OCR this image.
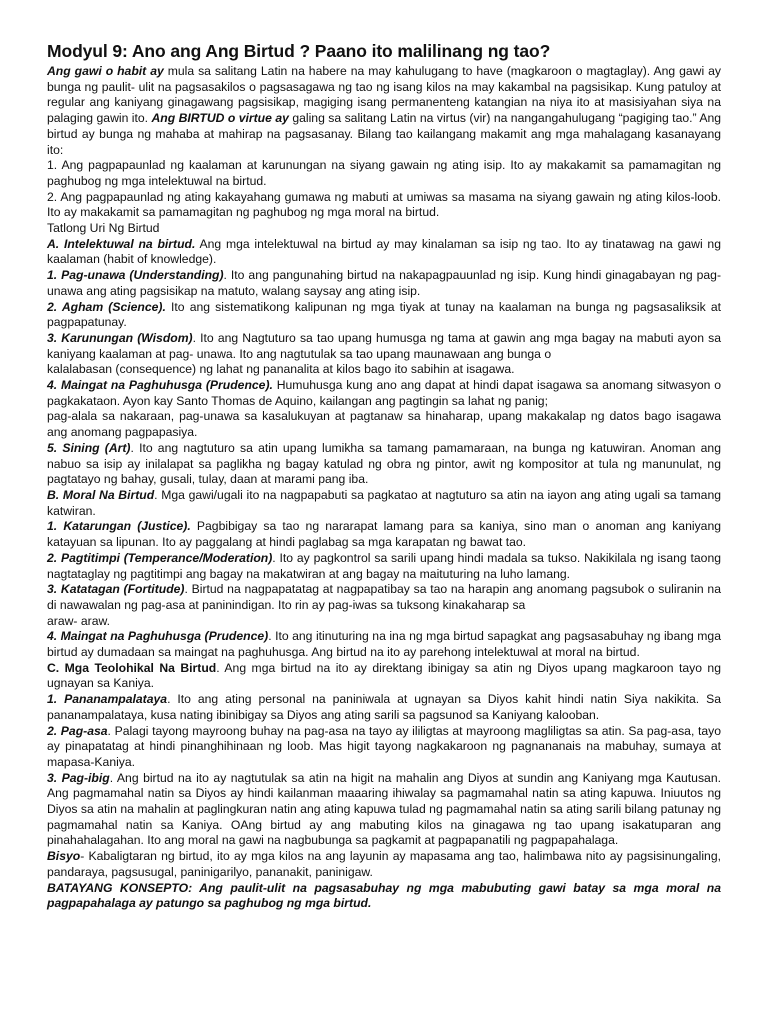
Modyul 9: Ano ang Ang Birtud ? Paano ito malilinang ng tao?

Ang gawi o habit ay mula sa salitang Latin na habere na may kahulugang to have (magkaroon o magtaglay). Ang gawi ay bunga ng paulit- ulit na pagsasakilos o pagsasagawa ng tao ng isang kilos na may kakambal na pagsisikap. Kung patuloy at regular ang kaniyang ginagawang pagsisikap, magiging isang permanenteng katangian na niya ito at masisiyahan siya na palaging gawin ito. Ang BIRTUD o virtue ay galing sa salitang Latin na virtus (vir) na nangangahulugang “pagiging tao.” Ang birtud ay bunga ng mahaba at mahirap na pagsasanay. Bilang tao kailangang makamit ang mga mahalagang kasanayang ito:

1. Ang pagpapaunlad ng kaalaman at karunungan na siyang gawain ng ating isip. Ito ay makakamit sa pamamagitan ng paghubog ng mga intelektuwal na birtud.

2. Ang pagpapaunlad ng ating kakayahang gumawa ng mabuti at umiwas sa masama na siyang gawain ng ating kilos-loob. Ito ay makakamit sa pamamagitan ng paghubog ng mga moral na birtud.

Tatlong Uri Ng Birtud

A. Intelektuwal na birtud. Ang mga intelektuwal na birtud ay may kinalaman sa isip ng tao. Ito ay tinatawag na gawi ng kaalaman (habit of knowledge).

1. Pag-unawa (Understanding). Ito ang pangunahing birtud na nakapagpauunlad ng isip. Kung hindi ginagabayan ng pag-unawa ang ating pagsisikap na matuto, walang saysay ang ating isip.

2. Agham (Science). Ito ang sistematikong kalipunan ng mga tiyak at tunay na kaalaman na bunga ng pagsasaliksik at pagpapatunay.

3. Karunungan (Wisdom). Ito ang Nagtuturo sa tao upang humusga ng tama at gawin ang mga bagay na mabuti ayon sa kaniyang kaalaman at pag- unawa. Ito ang nagtutulak sa tao upang maunawaan ang bunga o

kalalabasan (consequence) ng lahat ng pananalita at kilos bago ito sabihin at isagawa.

4. Maingat na Paghuhusga (Prudence). Humuhusga kung ano ang dapat at hindi dapat isagawa sa anomang sitwasyon o pagkakataon. Ayon kay Santo Thomas de Aquino, kailangan ang pagtingin sa lahat ng panig;

pag-alala sa nakaraan, pag-unawa sa kasalukuyan at pagtanaw sa hinaharap, upang makakalap ng datos bago isagawa ang anomang pagpapasiya.

5. Sining (Art). Ito ang nagtuturo sa atin upang lumikha sa tamang pamamaraan, na bunga ng katuwiran. Anoman ang nabuo sa isip ay inilalapat sa paglikha ng bagay katulad ng obra ng pintor, awit ng kompositor at tula ng manunulat, ng pagtatayo ng bahay, gusali, tulay, daan at marami pang iba.

B. Moral Na Birtud. Mga gawi/ugali ito na nagpapabuti sa pagkatao at nagtuturo sa atin na iayon ang ating ugali sa tamang katwiran.

1. Katarungan (Justice). Pagbibigay sa tao ng nararapat lamang para sa kaniya, sino man o anoman ang kaniyang katayuan sa lipunan. Ito ay paggalang at hindi paglabag sa mga karapatan ng bawat tao.

2. Pagtitimpi (Temperance/Moderation). Ito ay pagkontrol sa sarili upang hindi madala sa tukso. Nakikilala ng isang taong nagtataglay ng pagtitimpi ang bagay na makatwiran at ang bagay na maituturing na luho lamang.

3. Katatagan (Fortitude). Birtud na nagpapatatag at nagpapatibay sa tao na harapin ang anomang pagsubok o suliranin na di nawawalan ng pag-asa at paninindigan. Ito rin ay pag-iwas sa tuksong kinakaharap sa

araw- araw.

4. Maingat na Paghuhusga (Prudence). Ito ang itinuturing na ina ng mga birtud sapagkat ang pagsasabuhay ng ibang mga birtud ay dumadaan sa maingat na paghuhusga. Ang birtud na ito ay parehong intelektuwal at moral na birtud.

C. Mga Teolohikal Na Birtud. Ang mga birtud na ito ay direktang ibinigay sa atin ng Diyos upang magkaroon tayo ng ugnayan sa Kaniya.

1. Pananampalataya. Ito ang ating personal na paniniwala at ugnayan sa Diyos kahit hindi natin Siya nakikita. Sa pananampalataya, kusa nating ibinibigay sa Diyos ang ating sarili sa pagsunod sa Kaniyang kalooban.

2. Pag-asa. Palagi tayong mayroong buhay na pag-asa na tayo ay ililigtas at mayroong magliligtas sa atin. Sa pag-asa, tayo ay pinapatatag at hindi pinanghihinaan ng loob. Mas higit tayong nagkakaroon ng pagnananais na mabuhay, sumaya at mapasa-Kaniya.

3. Pag-ibig. Ang birtud na ito ay nagtutulak sa atin na higit na mahalin ang Diyos at sundin ang Kaniyang mga Kautusan. Ang pagmamahal natin sa Diyos ay hindi kailanman maaaring ihiwalay sa pagmamahal natin sa ating kapuwa. Iniuutos ng Diyos sa atin na mahalin at paglingkuran natin ang ating kapuwa tulad ng pagmamahal natin sa ating sarili bilang patunay ng pagmamahal natin sa Kaniya. OAng birtud ay ang mabuting kilos na ginagawa ng tao upang isakatuparan ang pinahahalagahan. Ito ang moral na gawi na nagbubunga sa pagkamit at pagpapanatili ng pagpapahalaga.

Bisyo- Kabaligtaran ng birtud, ito ay mga kilos na ang layunin ay mapasama ang tao, halimbawa nito ay pagsisinungaling, pandaraya, pagsusugal, paninigarilyo, pananakit, paninigaw.

BATAYANG KONSEPTO: Ang paulit-ulit na pagsasabuhay ng mga mabubuting gawi batay sa mga moral na pagpapahalaga ay patungo sa paghubog ng mga birtud.
